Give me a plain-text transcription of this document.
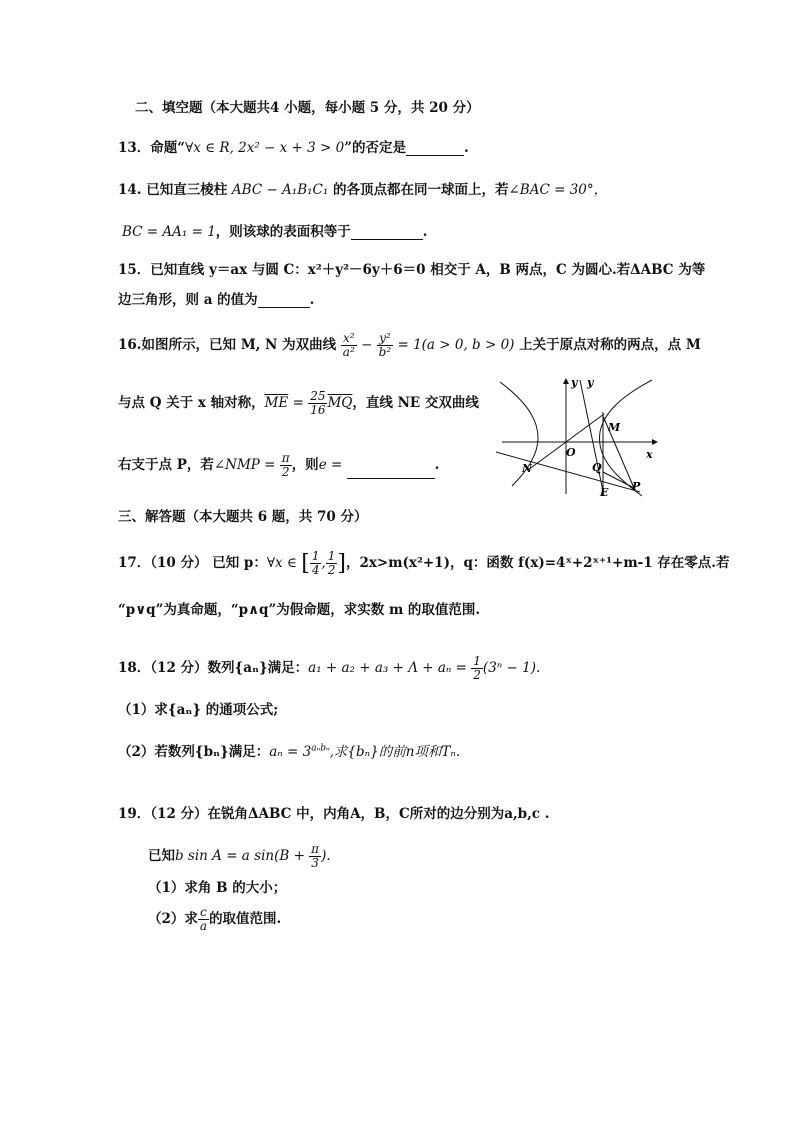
二、填空题（本大题共4 小题，每小题 5 分，共 20 分）
13．命题“∀x ∈ R, 2x² − x + 3 > 0”的否定是	.
14. 已知直三棱柱 ABC − A₁B₁C₁ 的各顶点都在同一球面上，若∠BAC = 30°，
BC = AA₁ = 1，则该球的表面积等于	.
15．已知直线 y＝ax 与圆 C：x²＋y²－6y＋6＝0 相交于 A，B 两点，C 为圆心.若ΔABC 为等
边三角形，则 a 的值为	.
16.如图所示，已知 M, N 为双曲线 $\frac{\text{x²}}{\text{a²}} - \frac{\text{y²}}{\text{b²}} = 1(a > 0$, b > 0) 上关于原点对称的两点，点 M
与点 Q 关于 x 轴对称，$\overline{ME} = \frac{25}{16} \overline{MQ}$，直线 NE 交双曲线
右支于点 P，若∠NMP = $\frac{\pi}{2}$ ，则e =	.
y y
M
O	x
N	Q
E P
三、解答题（本大题共 6 题，共 70 分）
17．（10 分） 已知 p：∀x ∈ [ $\frac{1}{4}$ , $\frac{1}{2}$ ]，2x>m(x²+1)，q：函数 f(x)=4ˣ+2ˣ⁺¹+m-1 存在零点.若
“p∨q”为真命题，“p∧q”为假命题，求实数 m 的取值范围.
18．（12 分）数列{aₙ}满足：$a_1 + a_2 + a_3 + \Lambda + a_n = \frac{1}{2} (3^n - 1)$.
（1）求{aₙ} 的通项公式;
（2）若数列{bₙ}满足：$a_n = 3^{a_nb_n}$,求{bₙ}的前n项和Tₙ.
19．（12 分）在锐角ΔABC 中，内角A，B，C所对的边分别为a,b,c .
已知b sin A = a $\sin(B + \frac{\pi}{3}$ ).
（1）求角 B 的大小；
（2）求 $\frac{c}{a}$ 的取值范围.
